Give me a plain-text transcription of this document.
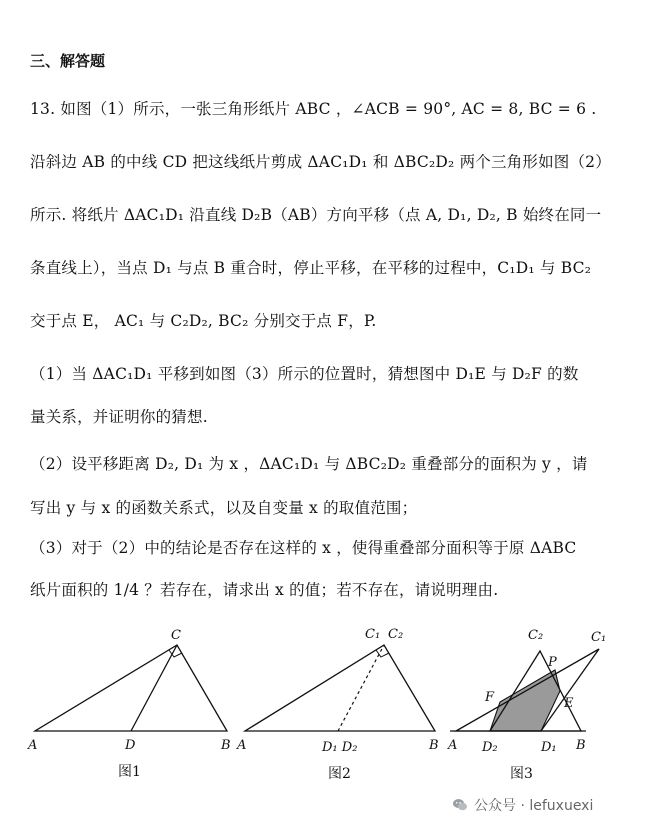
三、解答题
13. 如图（1）所示，一张三角形纸片 ABC ，∠ACB = 90°, AC = 8, BC = 6 .
沿斜边 AB 的中线 CD 把这线纸片剪成 ΔAC₁D₁ 和 ΔBC₂D₂ 两个三角形如图（2）
所示. 将纸片 ΔAC₁D₁ 沿直线 D₂B（AB）方向平移（点 A, D₁, D₂, B 始终在同一
条直线上），当点 D₁ 与点 B 重合时，停止平移，在平移的过程中，C₁D₁ 与 BC₂
交于点 E， AC₁ 与 C₂D₂, BC₂ 分别交于点 F，P.
（1）当 ΔAC₁D₁ 平移到如图（3）所示的位置时，猜想图中 D₁E 与 D₂F 的数
量关系，并证明你的猜想.
（2）设平移距离 D₂, D₁ 为 x ，ΔAC₁D₁ 与 ΔBC₂D₂ 重叠部分的面积为 y ，请
写出 y 与 x 的函数关系式，以及自变量 x 的取值范围；
（3）对于（2）中的结论是否存在这样的 x ，使得重叠部分面积等于原 ΔABC
纸片面积的 1/4 ？若存在，请求出 x 的值；若不存在，请说明理由.
A	B
C
D
图1
A	B
C₁ C₂
D₁ D₂
图2
A	B
C₂	C₁
D₂	D₁
E
F
P
图3
公众号 · lefuxuexi
